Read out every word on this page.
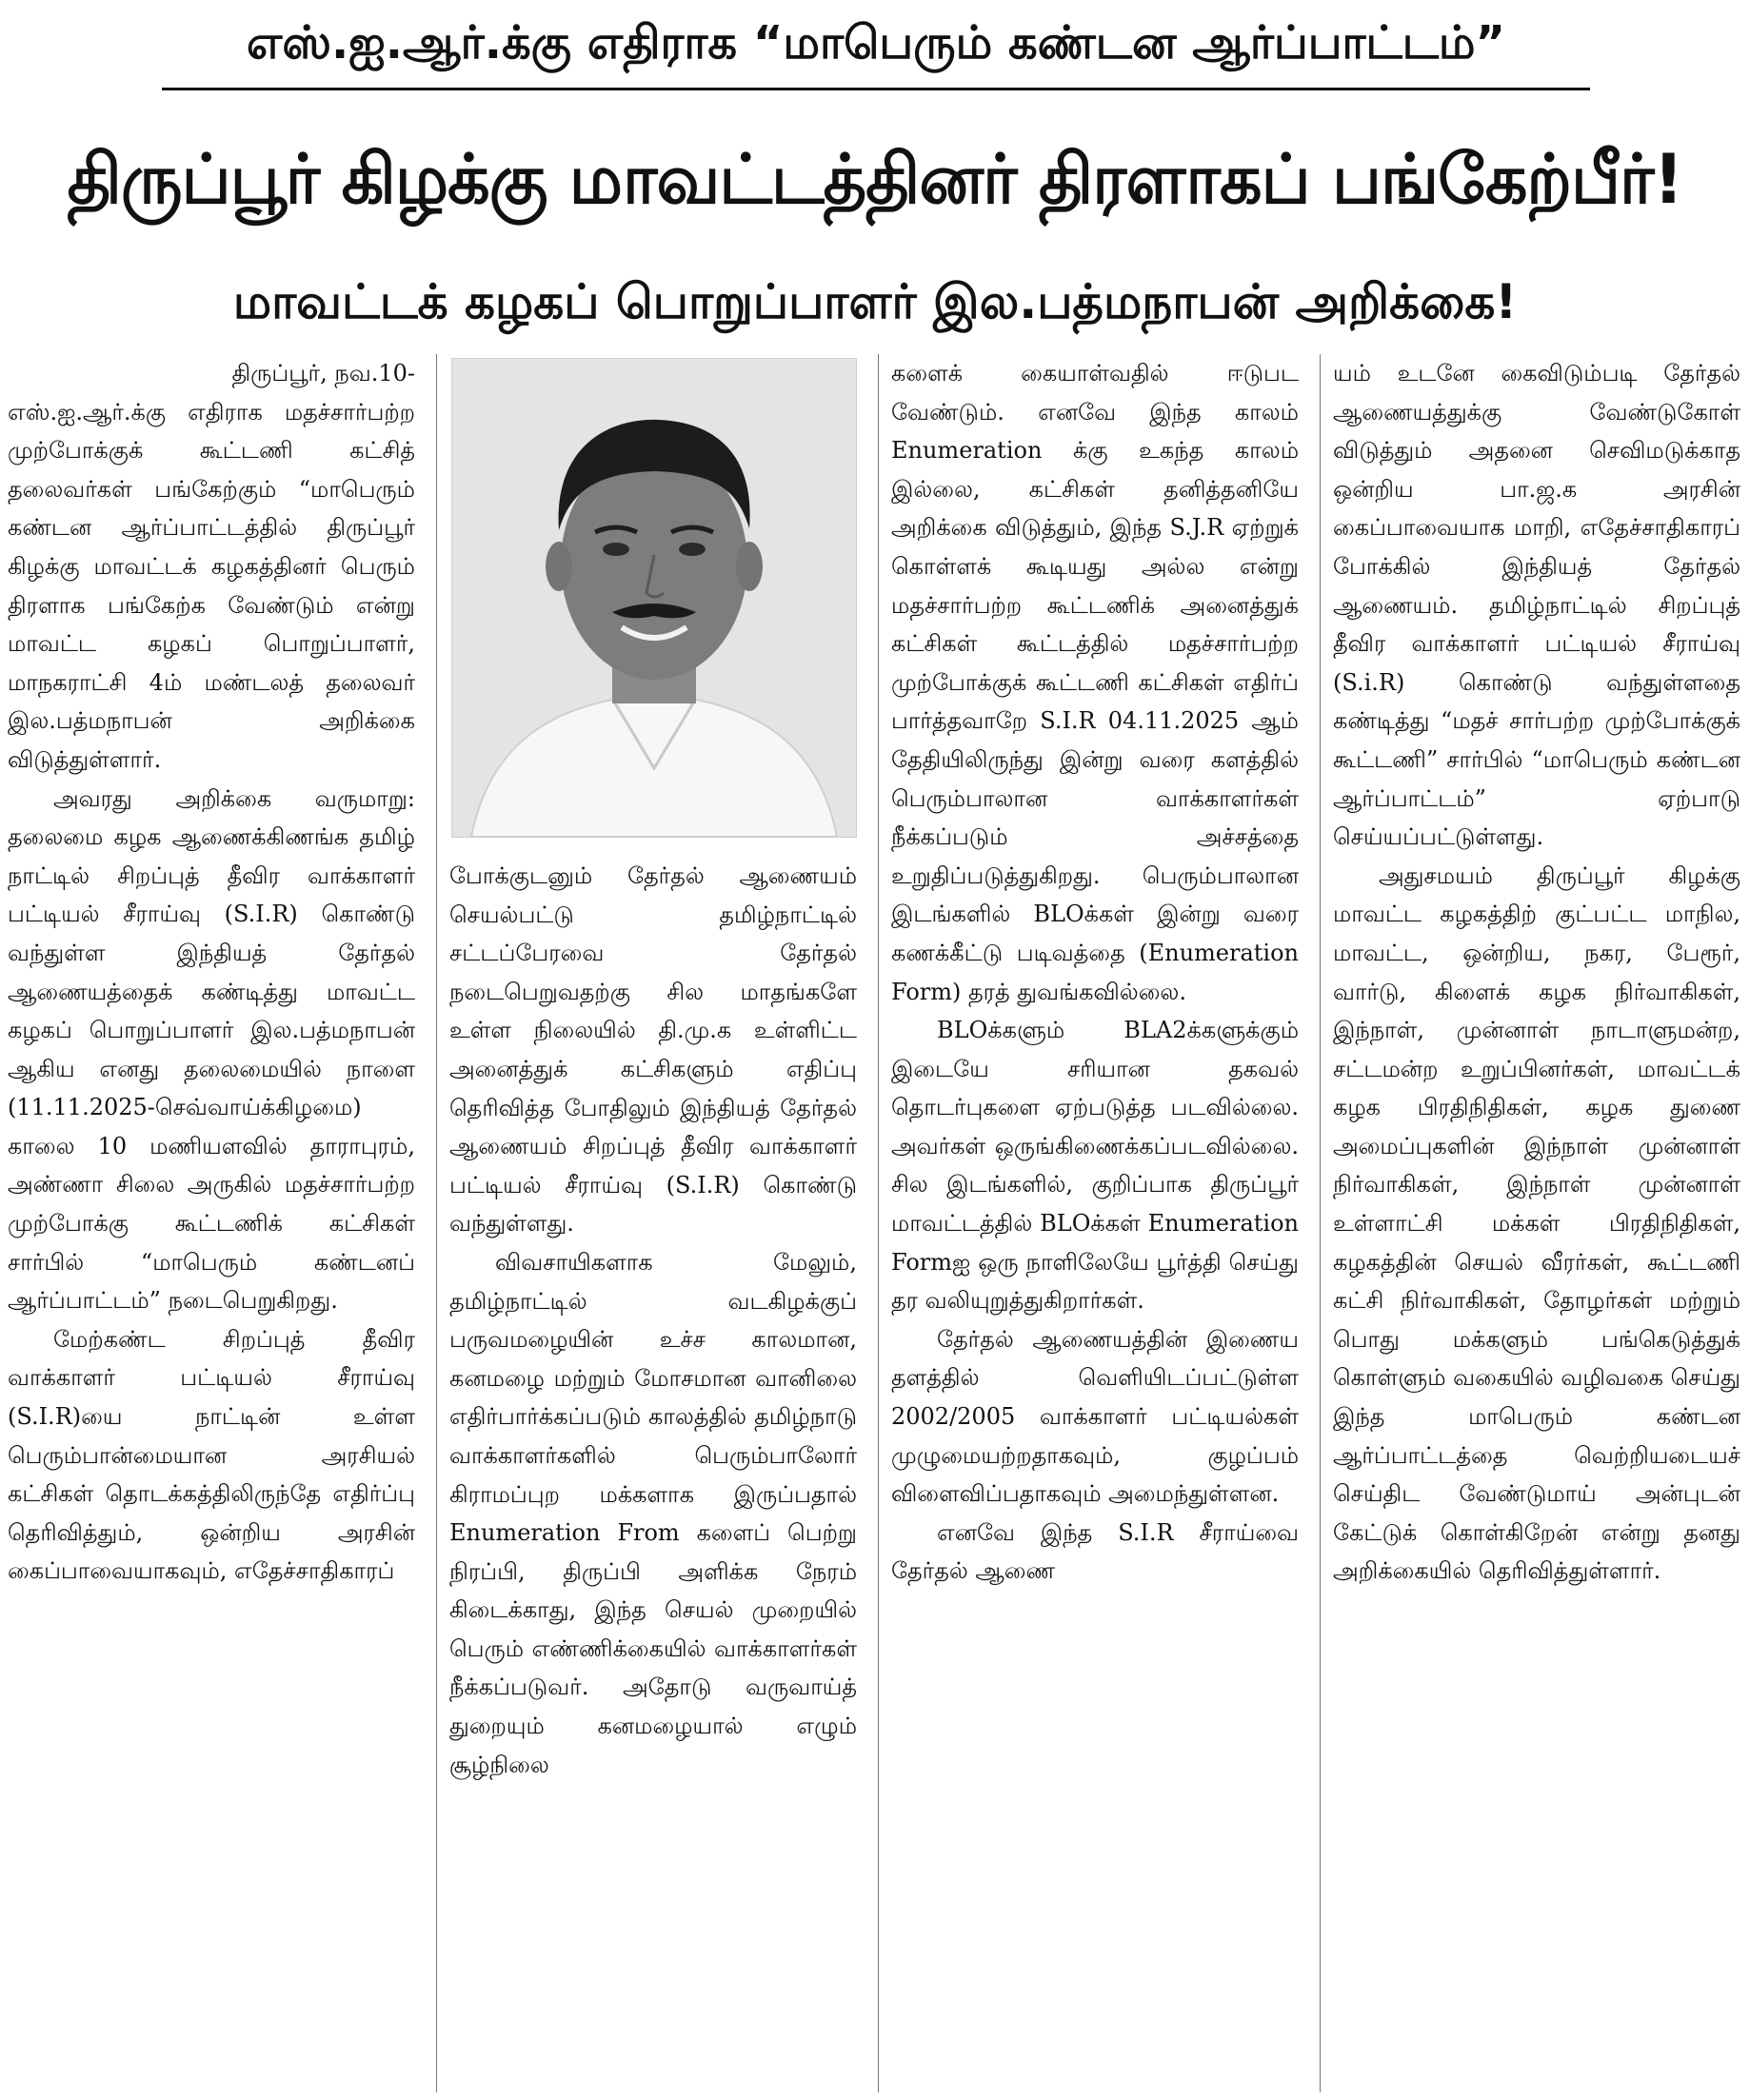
எஸ்.ஐ.ஆர்.க்கு எதிராக “மாபெரும் கண்டன ஆர்ப்பாட்டம்”
திருப்பூர் கிழக்கு மாவட்டத்தினர் திரளாகப் பங்கேற்பீர்!
மாவட்டக் கழகப் பொறுப்பாளர் இல.பத்மநாபன் அறிக்கை!

திருப்பூர், நவ.10-

எஸ்.ஐ.ஆர்.க்கு எதிராக மதச்சார்பற்ற முற்போக்குக் கூட்டணி கட்சித் தலைவர்கள் பங்கேற்கும் “மாபெரும் கண்டன ஆர்ப்பாட்டத்தில் திருப்பூர் கிழக்கு மாவட்டக் கழகத்தினர் பெரும் திரளாக பங்கேற்க வேண்டும் என்று மாவட்ட கழகப் பொறுப்பாளர், மாநகராட்சி 4ம் மண்டலத் தலைவர் இல.பத்மநாபன் அறிக்கை விடுத்துள்ளார்.

அவரது அறிக்கை வருமாறு: தலைமை கழக ஆணைக்கிணங்க தமிழ் நாட்டில் சிறப்புத் தீவிர வாக்காளர் பட்டியல் சீராய்வு (S.I.R) கொண்டு வந்துள்ள இந்தியத் தேர்தல் ஆணையத்தைக் கண்டித்து மாவட்ட கழகப் பொறுப்பாளர் இல.பத்மநாபன் ஆகிய எனது தலைமையில் நாளை (11.11.2025-செவ்வாய்க்கிழமை) காலை 10 மணியளவில் தாராபுரம், அண்ணா சிலை அருகில் மதச்சார்பற்ற முற்போக்கு கூட்டணிக் கட்சிகள் சார்பில் “மாபெரும் கண்டனப் ஆர்ப்பாட்டம்” நடைபெறுகிறது.

மேற்கண்ட சிறப்புத் தீவிர வாக்காளர் பட்டியல் சீராய்வு (S.I.R)யை நாட்டின் உள்ள பெரும்பான்மையான அரசியல் கட்சிகள் தொடக்கத்திலிருந்தே எதிர்ப்பு தெரிவித்தும், ஒன்றிய அரசின் கைப்பாவையாகவும், எதேச்சாதிகாரப்

போக்குடனும் தேர்தல் ஆணையம் செயல்பட்டு தமிழ்நாட்டில் சட்டப்பேரவை தேர்தல் நடைபெறுவதற்கு சில மாதங்களே உள்ள நிலையில் தி.மு.க உள்ளிட்ட அனைத்துக் கட்சிகளும் எதிப்பு தெரிவித்த போதிலும் இந்தியத் தேர்தல் ஆணையம் சிறப்புத் தீவிர வாக்காளர் பட்டியல் சீராய்வு (S.I.R) கொண்டு வந்துள்ளது.

விவசாயிகளாக மேலும், தமிழ்நாட்டில் வடகிழக்குப் பருவமழையின் உச்ச காலமான, கனமழை மற்றும் மோசமான வானிலை எதிர்பார்க்கப்படும் காலத்தில் தமிழ்நாடு வாக்காளர்களில் பெரும்பாலோர் கிராமப்புற மக்களாக இருப்பதால் Enumeration From களைப் பெற்று நிரப்பி, திருப்பி அளிக்க நேரம் கிடைக்காது, இந்த செயல் முறையில் பெரும் எண்ணிக்கையில் வாக்காளர்கள் நீக்கப்படுவர். அதோடு வருவாய்த் துறையும் கனமழையால் எழும் சூழ்நிலை

களைக் கையாள்வதில் ஈடுபட வேண்டும். எனவே இந்த காலம் Enumeration க்கு உகந்த காலம் இல்லை, கட்சிகள் தனித்தனியே அறிக்கை விடுத்தும், இந்த S.J.R ஏற்றுக் கொள்ளக் கூடியது அல்ல என்று மதச்சார்பற்ற கூட்டணிக் அனைத்துக் கட்சிகள் கூட்டத்தில் மதச்சார்பற்ற முற்போக்குக் கூட்டணி கட்சிகள் எதிர்ப் பார்த்தவாறே S.I.R 04.11.2025 ஆம் தேதியிலிருந்து இன்று வரை களத்தில் பெரும்பாலான வாக்காளர்கள் நீக்கப்படும் அச்சத்தை உறுதிப்படுத்துகிறது. பெரும்பாலான இடங்களில் BLOக்கள் இன்று வரை கணக்கீட்டு படிவத்தை (Enumeration Form) தரத் துவங்கவில்லை.

BLOக்களும் BLA2க்களுக்கும் இடையே சரியான தகவல் தொடர்புகளை ஏற்படுத்த படவில்லை. அவர்கள் ஒருங்கிணைக்கப்படவில்லை. சில இடங்களில், குறிப்பாக திருப்பூர் மாவட்டத்தில் BLOக்கள் Enumeration Formஐ ஒரு நாளிலேயே பூர்த்தி செய்து தர வலியுறுத்துகிறார்கள்.

தேர்தல் ஆணையத்தின் இணைய தளத்தில் வெளியிடப்பட்டுள்ள 2002/2005 வாக்காளர் பட்டியல்கள் முழுமையற்றதாகவும், குழப்பம் விளைவிப்பதாகவும் அமைந்துள்ளன.

எனவே இந்த S.I.R சீராய்வை தேர்தல் ஆணை

யம் உடனே கைவிடும்படி தேர்தல் ஆணையத்துக்கு வேண்டுகோள் விடுத்தும் அதனை செவிமடுக்காத ஒன்றிய பா.ஜ.க அரசின் கைப்பாவையாக மாறி, எதேச்சாதிகாரப் போக்கில் இந்தியத் தேர்தல் ஆணையம். தமிழ்நாட்டில் சிறப்புத் தீவிர வாக்காளர் பட்டியல் சீராய்வு (S.i.R) கொண்டு வந்துள்ளதை கண்டித்து “மதச் சார்பற்ற முற்போக்குக் கூட்டணி” சார்பில் “மாபெரும் கண்டன ஆர்ப்பாட்டம்” ஏற்பாடு செய்யப்பட்டுள்ளது.

அதுசமயம் திருப்பூர் கிழக்கு மாவட்ட கழகத்திற் குட்பட்ட மாநில, மாவட்ட, ஒன்றிய, நகர, பேரூர், வார்டு, கிளைக் கழக நிர்வாகிகள், இந்நாள், முன்னாள் நாடாளுமன்ற, சட்டமன்ற உறுப்பினர்கள், மாவட்டக் கழக பிரதிநிதிகள், கழக துணை அமைப்புகளின் இந்நாள் முன்னாள் நிர்வாகிகள், இந்நாள் முன்னாள் உள்ளாட்சி மக்கள் பிரதிநிதிகள், கழகத்தின் செயல் வீரர்கள், கூட்டணி கட்சி நிர்வாகிகள், தோழர்கள் மற்றும் பொது மக்களும் பங்கெடுத்துக் கொள்ளும் வகையில் வழிவகை செய்து இந்த மாபெரும் கண்டன ஆர்ப்பாட்டத்தை வெற்றியடையச் செய்திட வேண்டுமாய் அன்புடன் கேட்டுக் கொள்கிறேன் என்று தனது அறிக்கையில் தெரிவித்துள்ளார்.
